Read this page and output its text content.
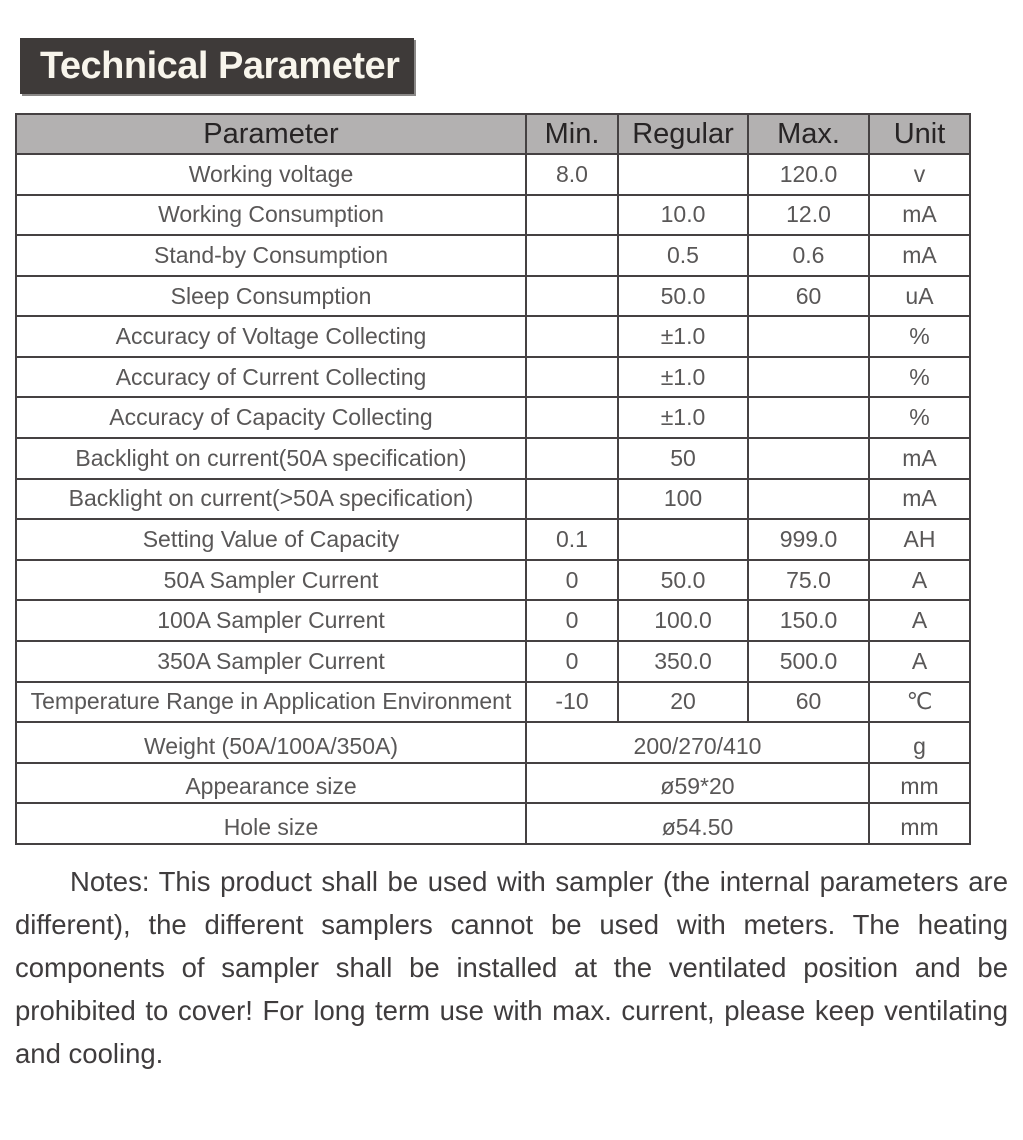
Technical Parameter
Parameter	Min.	Regular	Max.	Unit
Working voltage	8.0		120.0	v
Working Consumption		10.0	12.0	mA
Stand-by Consumption		0.5	0.6	mA
Sleep Consumption		50.0	60	uA
Accuracy of Voltage Collecting		±1.0		%
Accuracy of Current Collecting		±1.0		%
Accuracy of Capacity Collecting		±1.0		%
Backlight on current(50A specification)		50		mA
Backlight on current(>50A specification)		100		mA
Setting Value of Capacity	0.1		999.0	AH
50A Sampler Current	0	50.0	75.0	A
100A Sampler Current	0	100.0	150.0	A
350A Sampler Current	0	350.0	500.0	A
Temperature Range in Application Environment	-10	20	60	℃
Weight (50A/100A/350A)	200/270/410			g
Appearance size	ø59*20			mm
Hole size	ø54.50			mm

Notes: This product shall be used with sampler (the internal parameters are different), the different samplers cannot be used with meters. The heating components of sampler shall be installed at the ventilated position and be prohibited to cover! For long term use with max. current, please keep ventilating and cooling.
